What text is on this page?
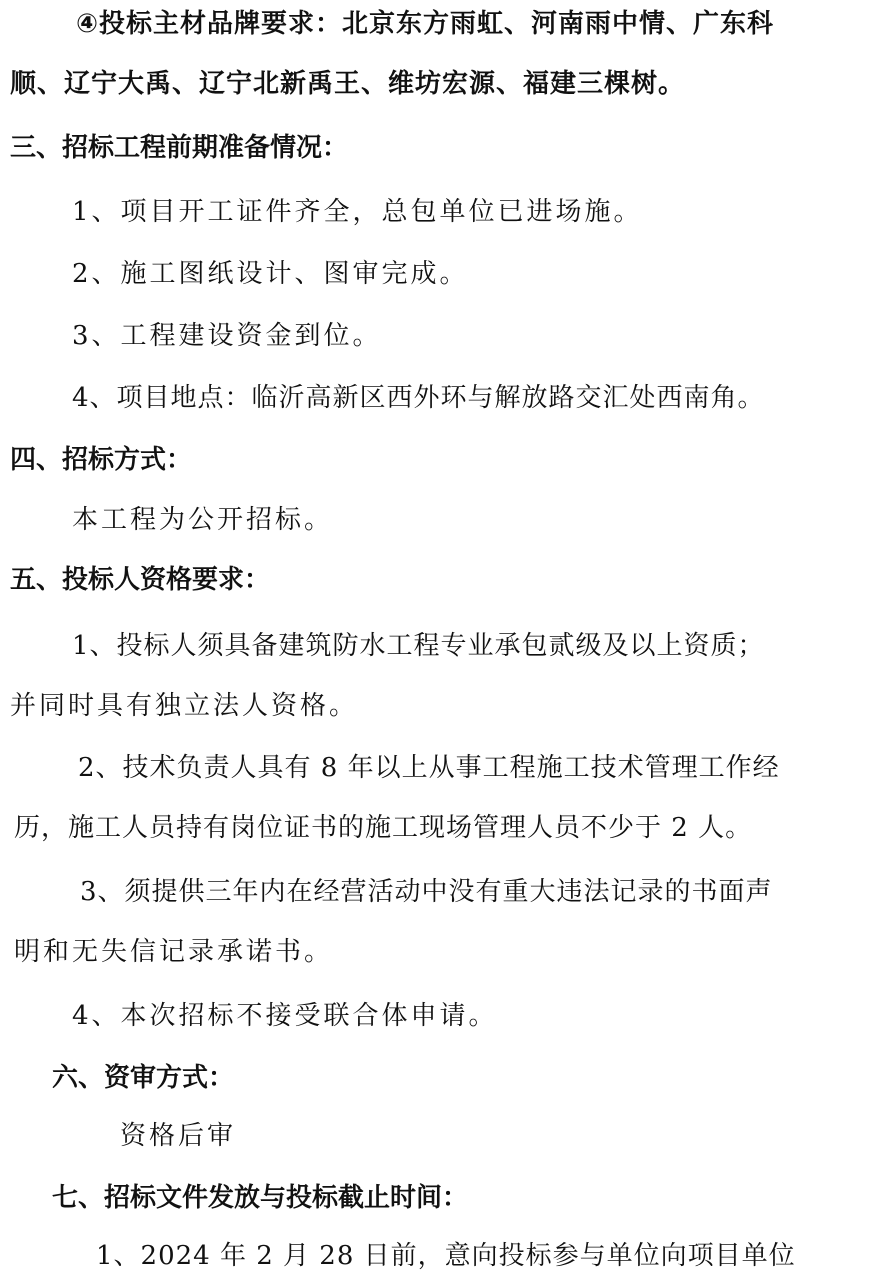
④投标主材品牌要求：北京东方雨虹、河南雨中情、广东科
顺、辽宁大禹、辽宁北新禹王、维坊宏源、福建三棵树。
三、招标工程前期准备情况：
1、项目开工证件齐全，总包单位已进场施。
2、施工图纸设计、图审完成。
3、工程建设资金到位。
4、项目地点：临沂高新区西外环与解放路交汇处西南角。
四、招标方式：
本工程为公开招标。
五、投标人资格要求：
1、投标人须具备建筑防水工程专业承包贰级及以上资质；
并同时具有独立法人资格。
2、技术负责人具有 8 年以上从事工程施工技术管理工作经
历，施工人员持有岗位证书的施工现场管理人员不少于 2 人。
3、须提供三年内在经营活动中没有重大违法记录的书面声
明和无失信记录承诺书。
4、本次招标不接受联合体申请。
六、资审方式：
资格后审
七、招标文件发放与投标截止时间：
1、2024 年 2 月 28 日前，意向投标参与单位向项目单位
